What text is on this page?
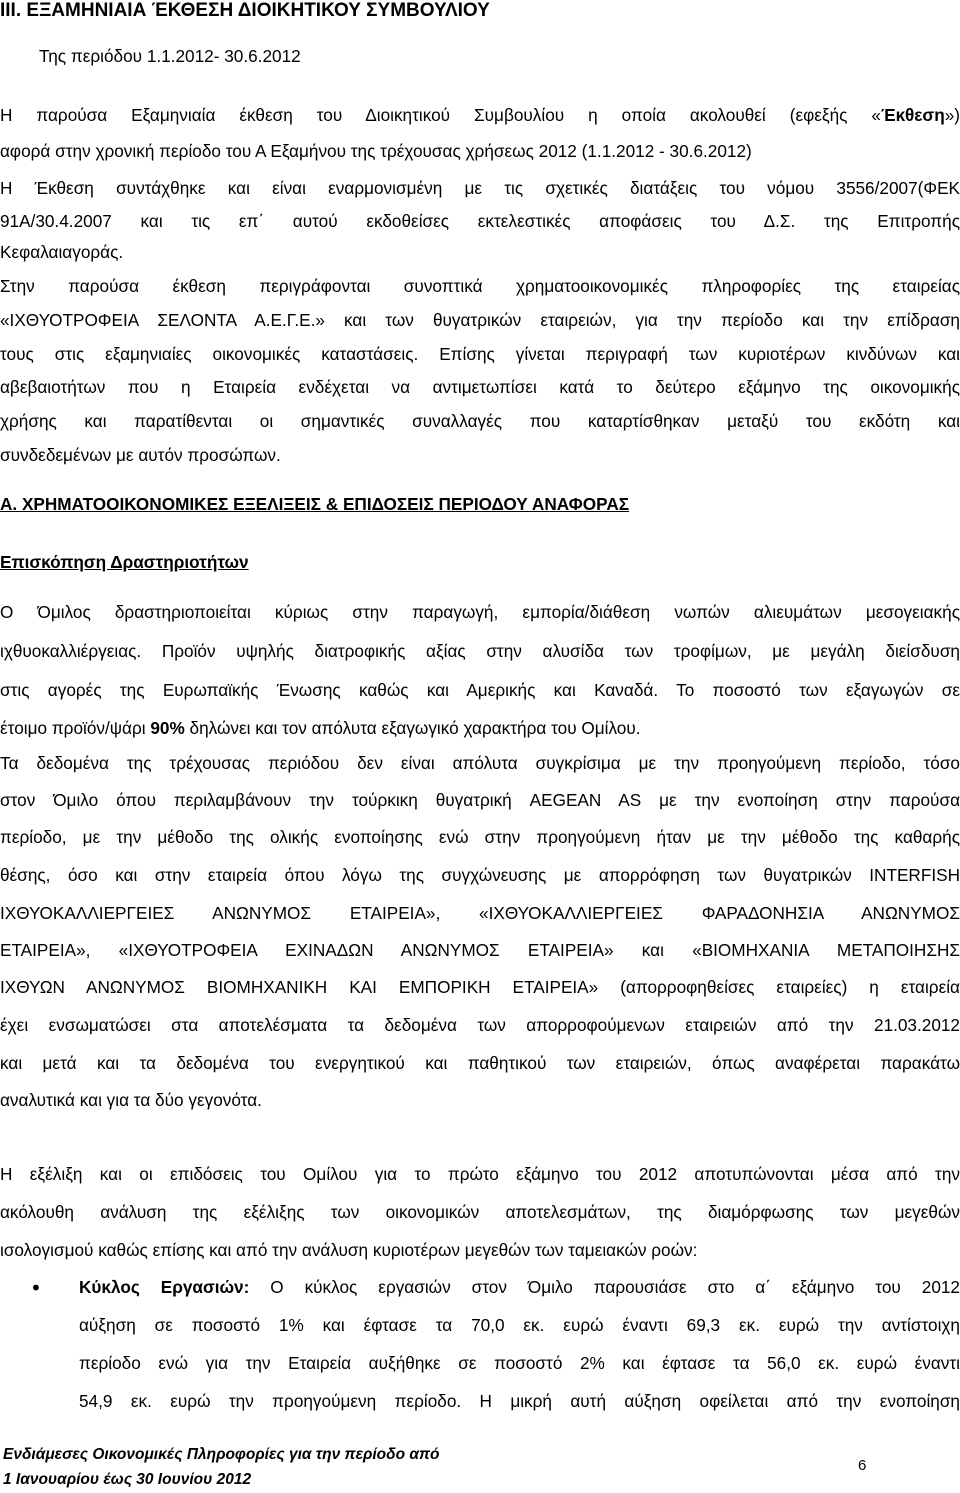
III. ΕΞΑΜΗΝΙΑΙΑ ΈΚΘΕΣΗ ΔΙΟΙΚΗΤΙΚΟΥ ΣΥΜΒΟΥΛΙΟΥ
Της περιόδου 1.1.2012- 30.6.2012
Η παρούσα Εξαμηνιαία έκθεση του Διοικητικού Συμβουλίου η οποία ακολουθεί (εφεξής «Έκθεση»)
αφορά στην χρονική περίοδο του Α Εξαμήνου της τρέχουσας χρήσεως 2012 (1.1.2012 - 30.6.2012)
Η Έκθεση συντάχθηκε και είναι εναρμονισμένη με τις σχετικές διατάξεις του νόμου 3556/2007(ΦΕΚ
91Α/30.4.2007 και τις επ΄ αυτού εκδοθείσες εκτελεστικές αποφάσεις του Δ.Σ. της Επιτροπής
Κεφαλαιαγοράς.
Στην παρούσα έκθεση περιγράφονται συνοπτικά χρηματοοικονομικές πληροφορίες της εταιρείας
«ΙΧΘΥΟΤΡΟΦΕΙΑ ΣΕΛΟΝΤΑ Α.Ε.Γ.Ε.» και των θυγατρικών εταιρειών, για την περίοδο και την επίδραση
τους στις εξαμηνιαίες οικονομικές καταστάσεις. Επίσης γίνεται περιγραφή των κυριοτέρων κινδύνων και
αβεβαιοτήτων που η Εταιρεία ενδέχεται να αντιμετωπίσει κατά το δεύτερο εξάμηνο της οικονομικής
χρήσης και παρατίθενται οι σημαντικές συναλλαγές που καταρτίσθηκαν μεταξύ του εκδότη και
συνδεδεμένων με αυτόν προσώπων.
Α. ΧΡΗΜΑΤΟΟΙΚΟΝΟΜΙΚΕΣ ΕΞΕΛΙΞΕΙΣ & ΕΠΙΔΟΣΕΙΣ ΠΕΡΙΟΔΟΥ ΑΝΑΦΟΡΑΣ
Επισκόπηση Δραστηριοτήτων
Ο Όμιλος δραστηριοποιείται κύριως στην παραγωγή, εμπορία/διάθεση νωπών αλιευμάτων μεσογειακής
ιχθυοκαλλιέργειας. Προϊόν υψηλής διατροφικής αξίας στην αλυσίδα των τροφίμων, με μεγάλη διείσδυση
στις αγορές της Ευρωπαϊκής Ένωσης καθώς και Αμερικής και Καναδά. Το ποσοστό των εξαγωγών σε
έτοιμο προϊόν/ψάρι 90% δηλώνει και τον απόλυτα εξαγωγικό χαρακτήρα του Ομίλου.
Τα δεδομένα της τρέχουσας περιόδου δεν είναι απόλυτα συγκρίσιμα με την προηγούμενη περίοδο, τόσο
στον Όμιλο όπου περιλαμβάνουν την τούρκικη θυγατρική AEGEAN AS με την ενοποίηση στην παρούσα
περίοδο, με την μέθοδο της ολικής ενοποίησης ενώ στην προηγούμενη ήταν με την μέθοδο της καθαρής
θέσης, όσο και στην εταιρεία όπου λόγω της συγχώνευσης με απορρόφηση των θυγατρικών INTERFISH
ΙΧΘΥΟΚΑΛΛΙΕΡΓΕΙΕΣ ΑΝΩΝΥΜΟΣ ΕΤΑΙΡΕΙΑ», «ΙΧΘΥΟΚΑΛΛΙΕΡΓΕΙΕΣ ΦΑΡΑΔΟΝΗΣΙΑ ΑΝΩΝΥΜΟΣ
ΕΤΑΙΡΕΙΑ», «ΙΧΘΥΟΤΡΟΦΕΙΑ ΕΧΙΝΑΔΩΝ ΑΝΩΝΥΜΟΣ ΕΤΑΙΡΕΙΑ» και «ΒΙΟΜΗΧΑΝΙΑ ΜΕΤΑΠΟΙΗΣΗΣ
ΙΧΘΥΩΝ ΑΝΩΝΥΜΟΣ ΒΙΟΜΗΧΑΝΙΚΗ ΚΑΙ ΕΜΠΟΡΙΚΗ ΕΤΑΙΡΕΙΑ» (απορροφηθείσες εταιρείες) η εταιρεία
έχει ενσωματώσει στα αποτελέσματα τα δεδομένα των απορροφούμενων εταιρειών από την 21.03.2012
και μετά και τα δεδομένα του ενεργητικού και παθητικού των εταιρειών, όπως αναφέρεται παρακάτω
αναλυτικά και για τα δύο γεγονότα.
Η εξέλιξη και οι επιδόσεις του Ομίλου για το πρώτο εξάμηνο του 2012 αποτυπώνονται μέσα από την
ακόλουθη ανάλυση της εξέλιξης των οικονομικών αποτελεσμάτων, της διαμόρφωσης των μεγεθών
ισολογισμού καθώς επίσης και από την ανάλυση κυριοτέρων μεγεθών των ταμειακών ροών:
• Κύκλος Εργασιών: Ο κύκλος εργασιών στον Όμιλο παρουσιάσε στο α΄ εξάμηνο του 2012
αύξηση σε ποσοστό 1% και έφτασε τα 70,0 εκ. ευρώ έναντι 69,3 εκ. ευρώ την αντίστοιχη
περίοδο ενώ για την Εταιρεία αυξήθηκε σε ποσοστό 2% και έφτασε τα 56,0 εκ. ευρώ έναντι
54,9 εκ. ευρώ την προηγούμενη περίοδο. Η μικρή αυτή αύξηση οφείλεται από την ενοποίηση
Ενδιάμεσες Οικονομικές Πληροφορίες για την περίοδο από
1 Ιανουαρίου έως 30 Ιουνίου 2012
6
